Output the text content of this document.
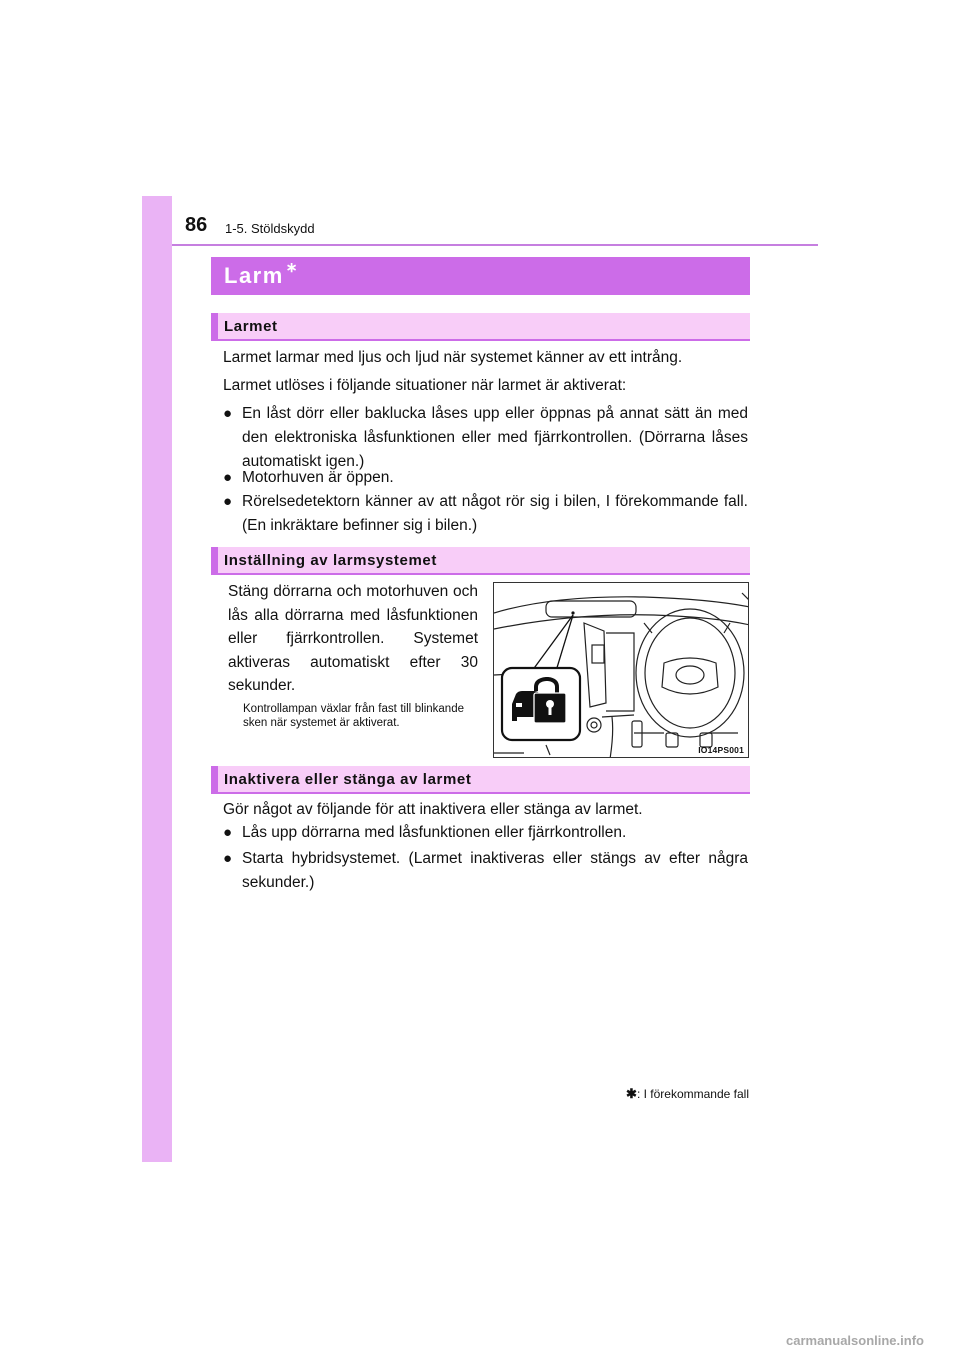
86 1-5. Stöldskydd
Larm ∗
Larmet
Larmet larmar med ljus och ljud när systemet känner av ett intrång.
Larmet utlöses i följande situationer när larmet är aktiverat:
● En låst dörr eller baklucka låses upp eller öppnas på annat sätt än med den elektroniska låsfunktionen eller med fjärrkontrollen. (Dörrarna låses automatiskt igen.)
● Motorhuven är öppen.
● Rörelsedetektorn känner av att något rör sig i bilen, I förekommande fall. (En inkräktare befinner sig i bilen.)
Inställning av larmsystemet
Stäng dörrarna och motorhuven och lås alla dörrarna med låsfunktionen eller fjärrkontrollen. Systemet aktiveras automatiskt efter 30 sekunder.
Kontrollampan växlar från fast till blinkande sken när systemet är aktiverat.
IO14PS001
Inaktivera eller stänga av larmet
Gör något av följande för att inaktivera eller stänga av larmet.
● Lås upp dörrarna med låsfunktionen eller fjärrkontrollen.
● Starta hybridsystemet. (Larmet inaktiveras eller stängs av efter några sekunder.)
✱: I förekommande fall
carmanualsonline.info
